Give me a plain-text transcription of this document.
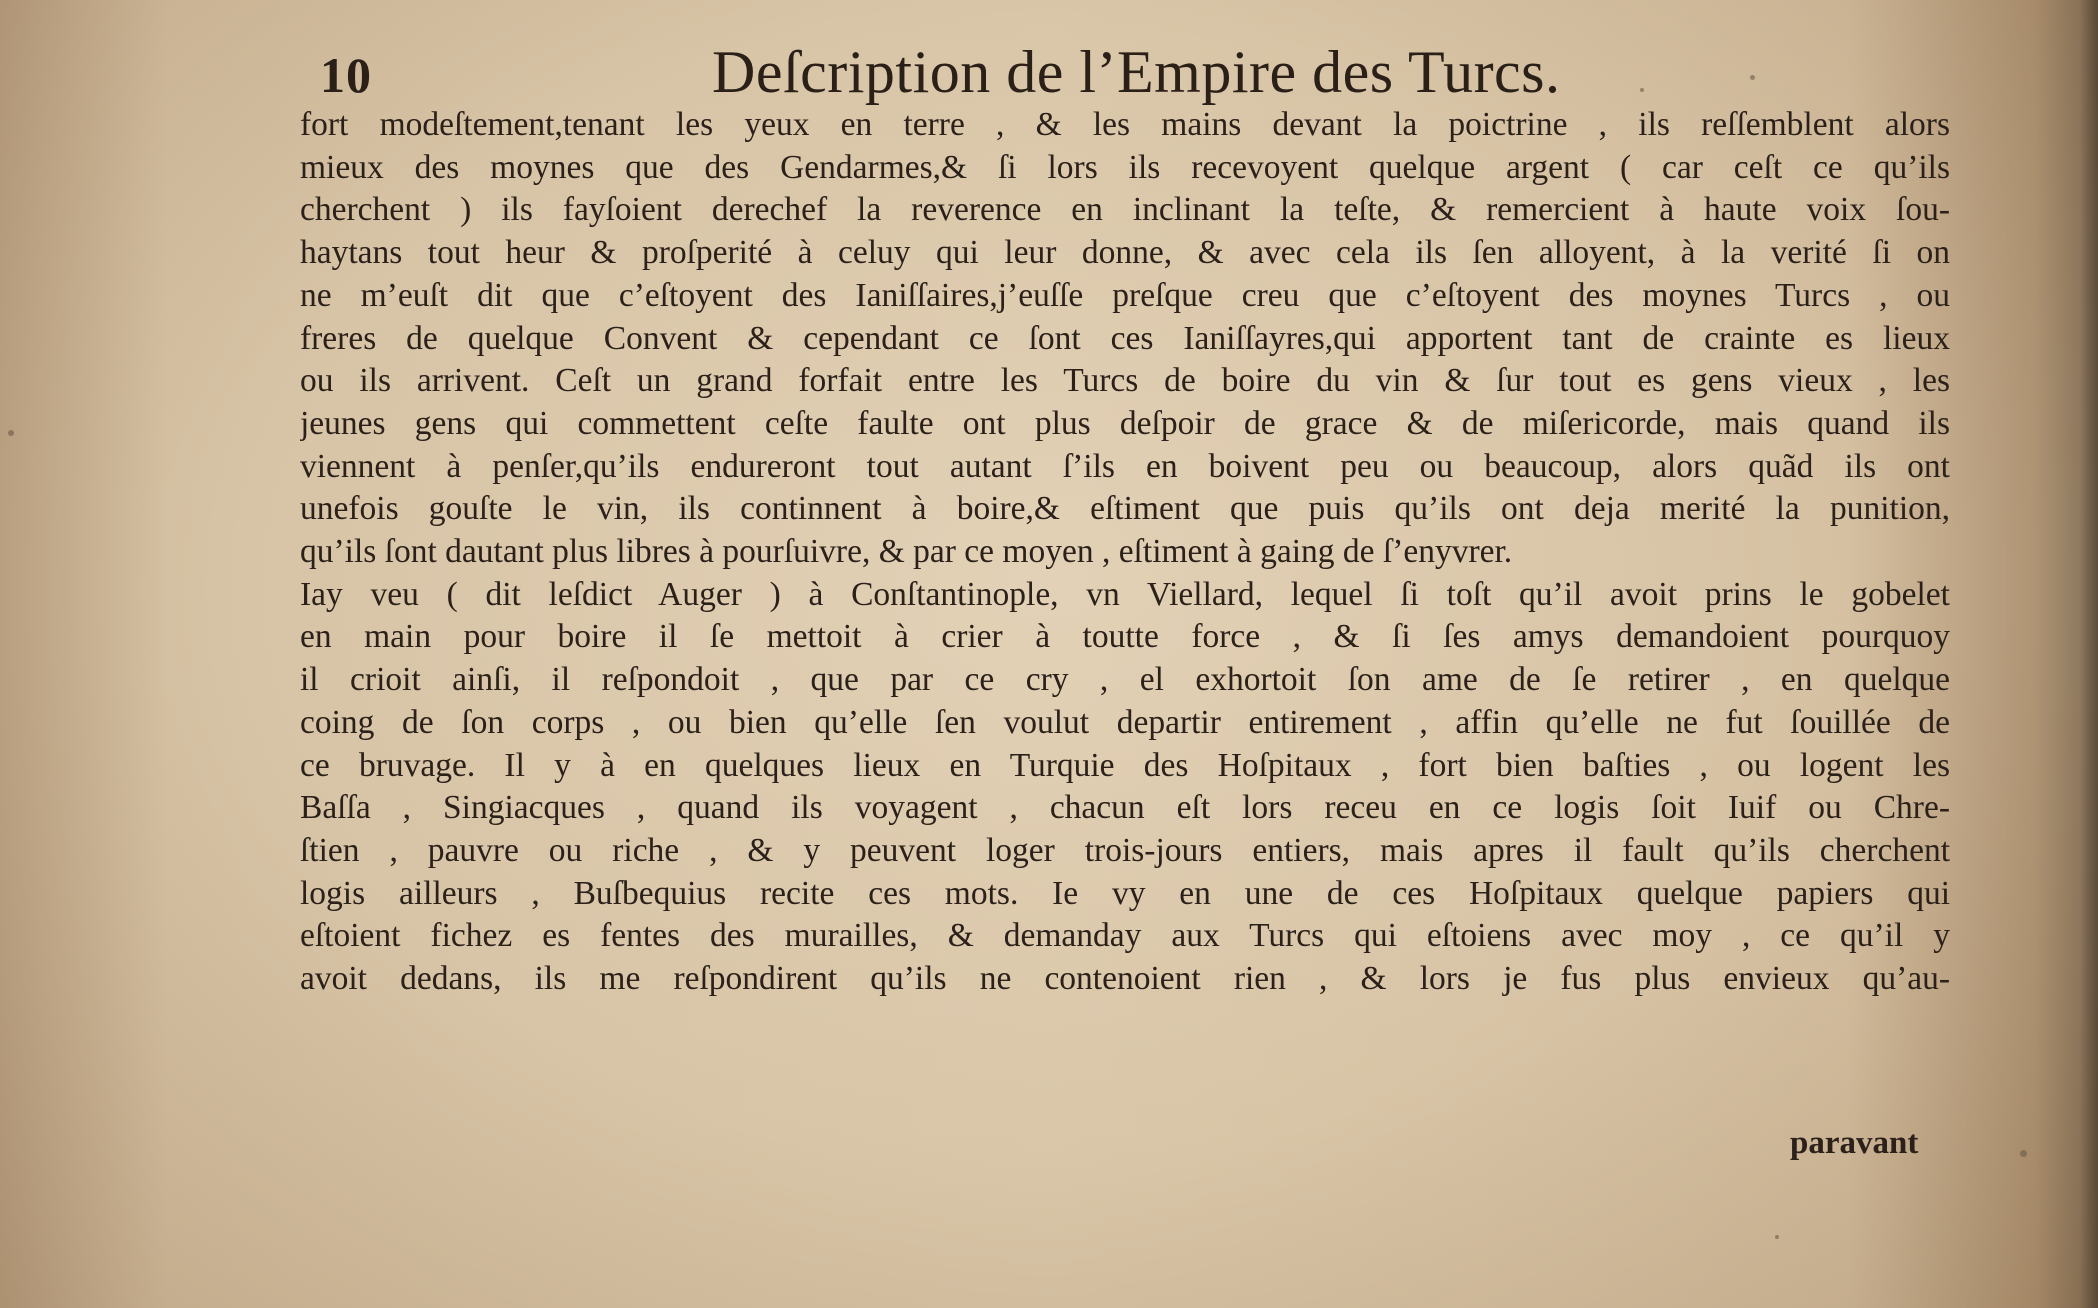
10	Deſcription de l’Empire des Turcs.
fort modeſtement,tenant les yeux en terre , & les mains devant la poictrine , ils reſſemblent alors
mieux des moynes que des Gendarmes,& ſi lors ils recevoyent quelque argent ( car ceſt ce qu’ils
cherchent ) ils fayſoient derechef la reverence en inclinant la teſte, & remercient à haute voix ſou-
haytans tout heur & proſperité à celuy qui leur donne, & avec cela ils ſen alloyent, à la verité ſi on
ne m’euſt dit que c’eſtoyent des Ianiſſaires,j’euſſe preſque creu que c’eſtoyent des moynes Turcs , ou
freres de quelque Convent & cependant ce ſont ces Ianiſſayres,qui apportent tant de crainte es lieux
ou ils arrivent. Ceſt un grand forfait entre les Turcs de boire du vin & ſur tout es gens vieux , les
jeunes gens qui commettent ceſte faulte ont plus deſpoir de grace & de miſericorde, mais quand ils
viennent à penſer,qu’ils endureront tout autant ſ’ils en boivent peu ou beaucoup, alors quãd ils ont
unefois gouſte le vin, ils continnent à boire,& eſtiment que puis qu’ils ont deja merité la punition,
qu’ils ſont dautant plus libres à pourſuivre, & par ce moyen , eſtiment à gaing de ſ’enyvrer.
Iay veu ( dit leſdict Auger ) à Conſtantinople, vn Viellard, lequel ſi toſt qu’il avoit prins le gobelet
en main pour boire il ſe mettoit à crier à toutte force , & ſi ſes amys demandoient pourquoy
il crioit ainſi, il reſpondoit , que par ce cry , el exhortoit ſon ame de ſe retirer , en quelque
coing de ſon corps , ou bien qu’elle ſen voulut departir entirement , affin qu’elle ne fut ſouillée de
ce bruvage. Il y à en quelques lieux en Turquie des Hoſpitaux , fort bien baſties , ou logent les
Baſſa , Singiacques , quand ils voyagent , chacun eſt lors receu en ce logis ſoit Iuif ou Chre-
ſtien , pauvre ou riche , & y peuvent loger trois-jours entiers, mais apres il fault qu’ils cherchent
logis ailleurs , Buſbequius recite ces mots. Ie vy en une de ces Hoſpitaux quelque papiers qui
eſtoient fichez es fentes des murailles, & demanday aux Turcs qui eſtoiens avec moy , ce qu’il y
avoit dedans, ils me reſpondirent qu’ils ne contenoient rien , & lors je fus plus envieux qu’au-
paravant
